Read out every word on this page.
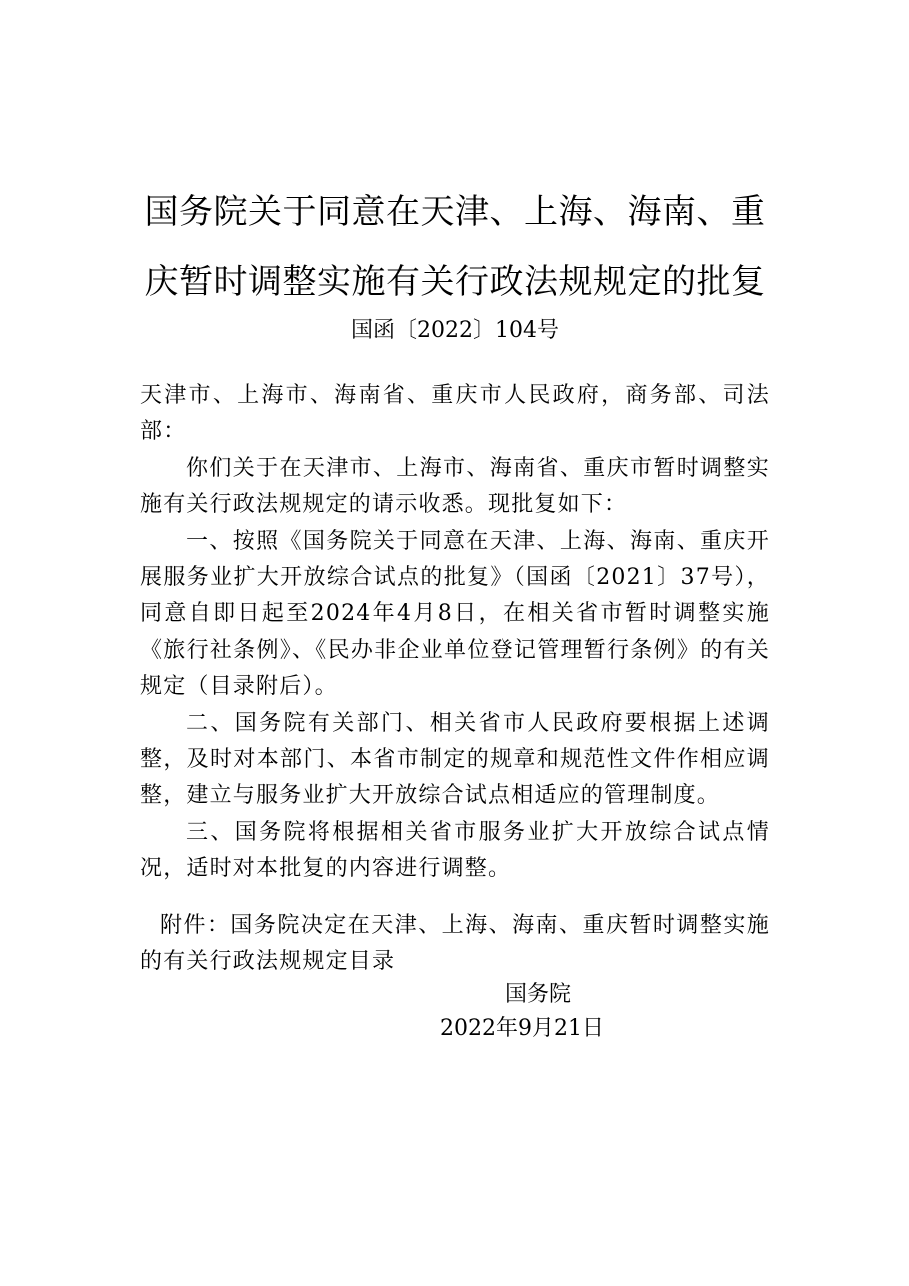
国务院关于同意在天津、上海、海南、重
庆暂时调整实施有关行政法规规定的批复
国函〔2022〕104号

天津市、上海市、海南省、重庆市人民政府，商务部、司法部：

你们关于在天津市、上海市、海南省、重庆市暂时调整实施有关行政法规规定的请示收悉。现批复如下：

一、按照《国务院关于同意在天津、上海、海南、重庆开展服务业扩大开放综合试点的批复》（国函〔2021〕37号），同意自即日起至2024年4月8日，在相关省市暂时调整实施《旅行社条例》、《民办非企业单位登记管理暂行条例》的有关规定（目录附后）。

二、国务院有关部门、相关省市人民政府要根据上述调整，及时对本部门、本省市制定的规章和规范性文件作相应调整，建立与服务业扩大开放综合试点相适应的管理制度。

三、国务院将根据相关省市服务业扩大开放综合试点情况，适时对本批复的内容进行调整。

附件：国务院决定在天津、上海、海南、重庆暂时调整实施的有关行政法规规定目录
国务院
2022年9月21日
